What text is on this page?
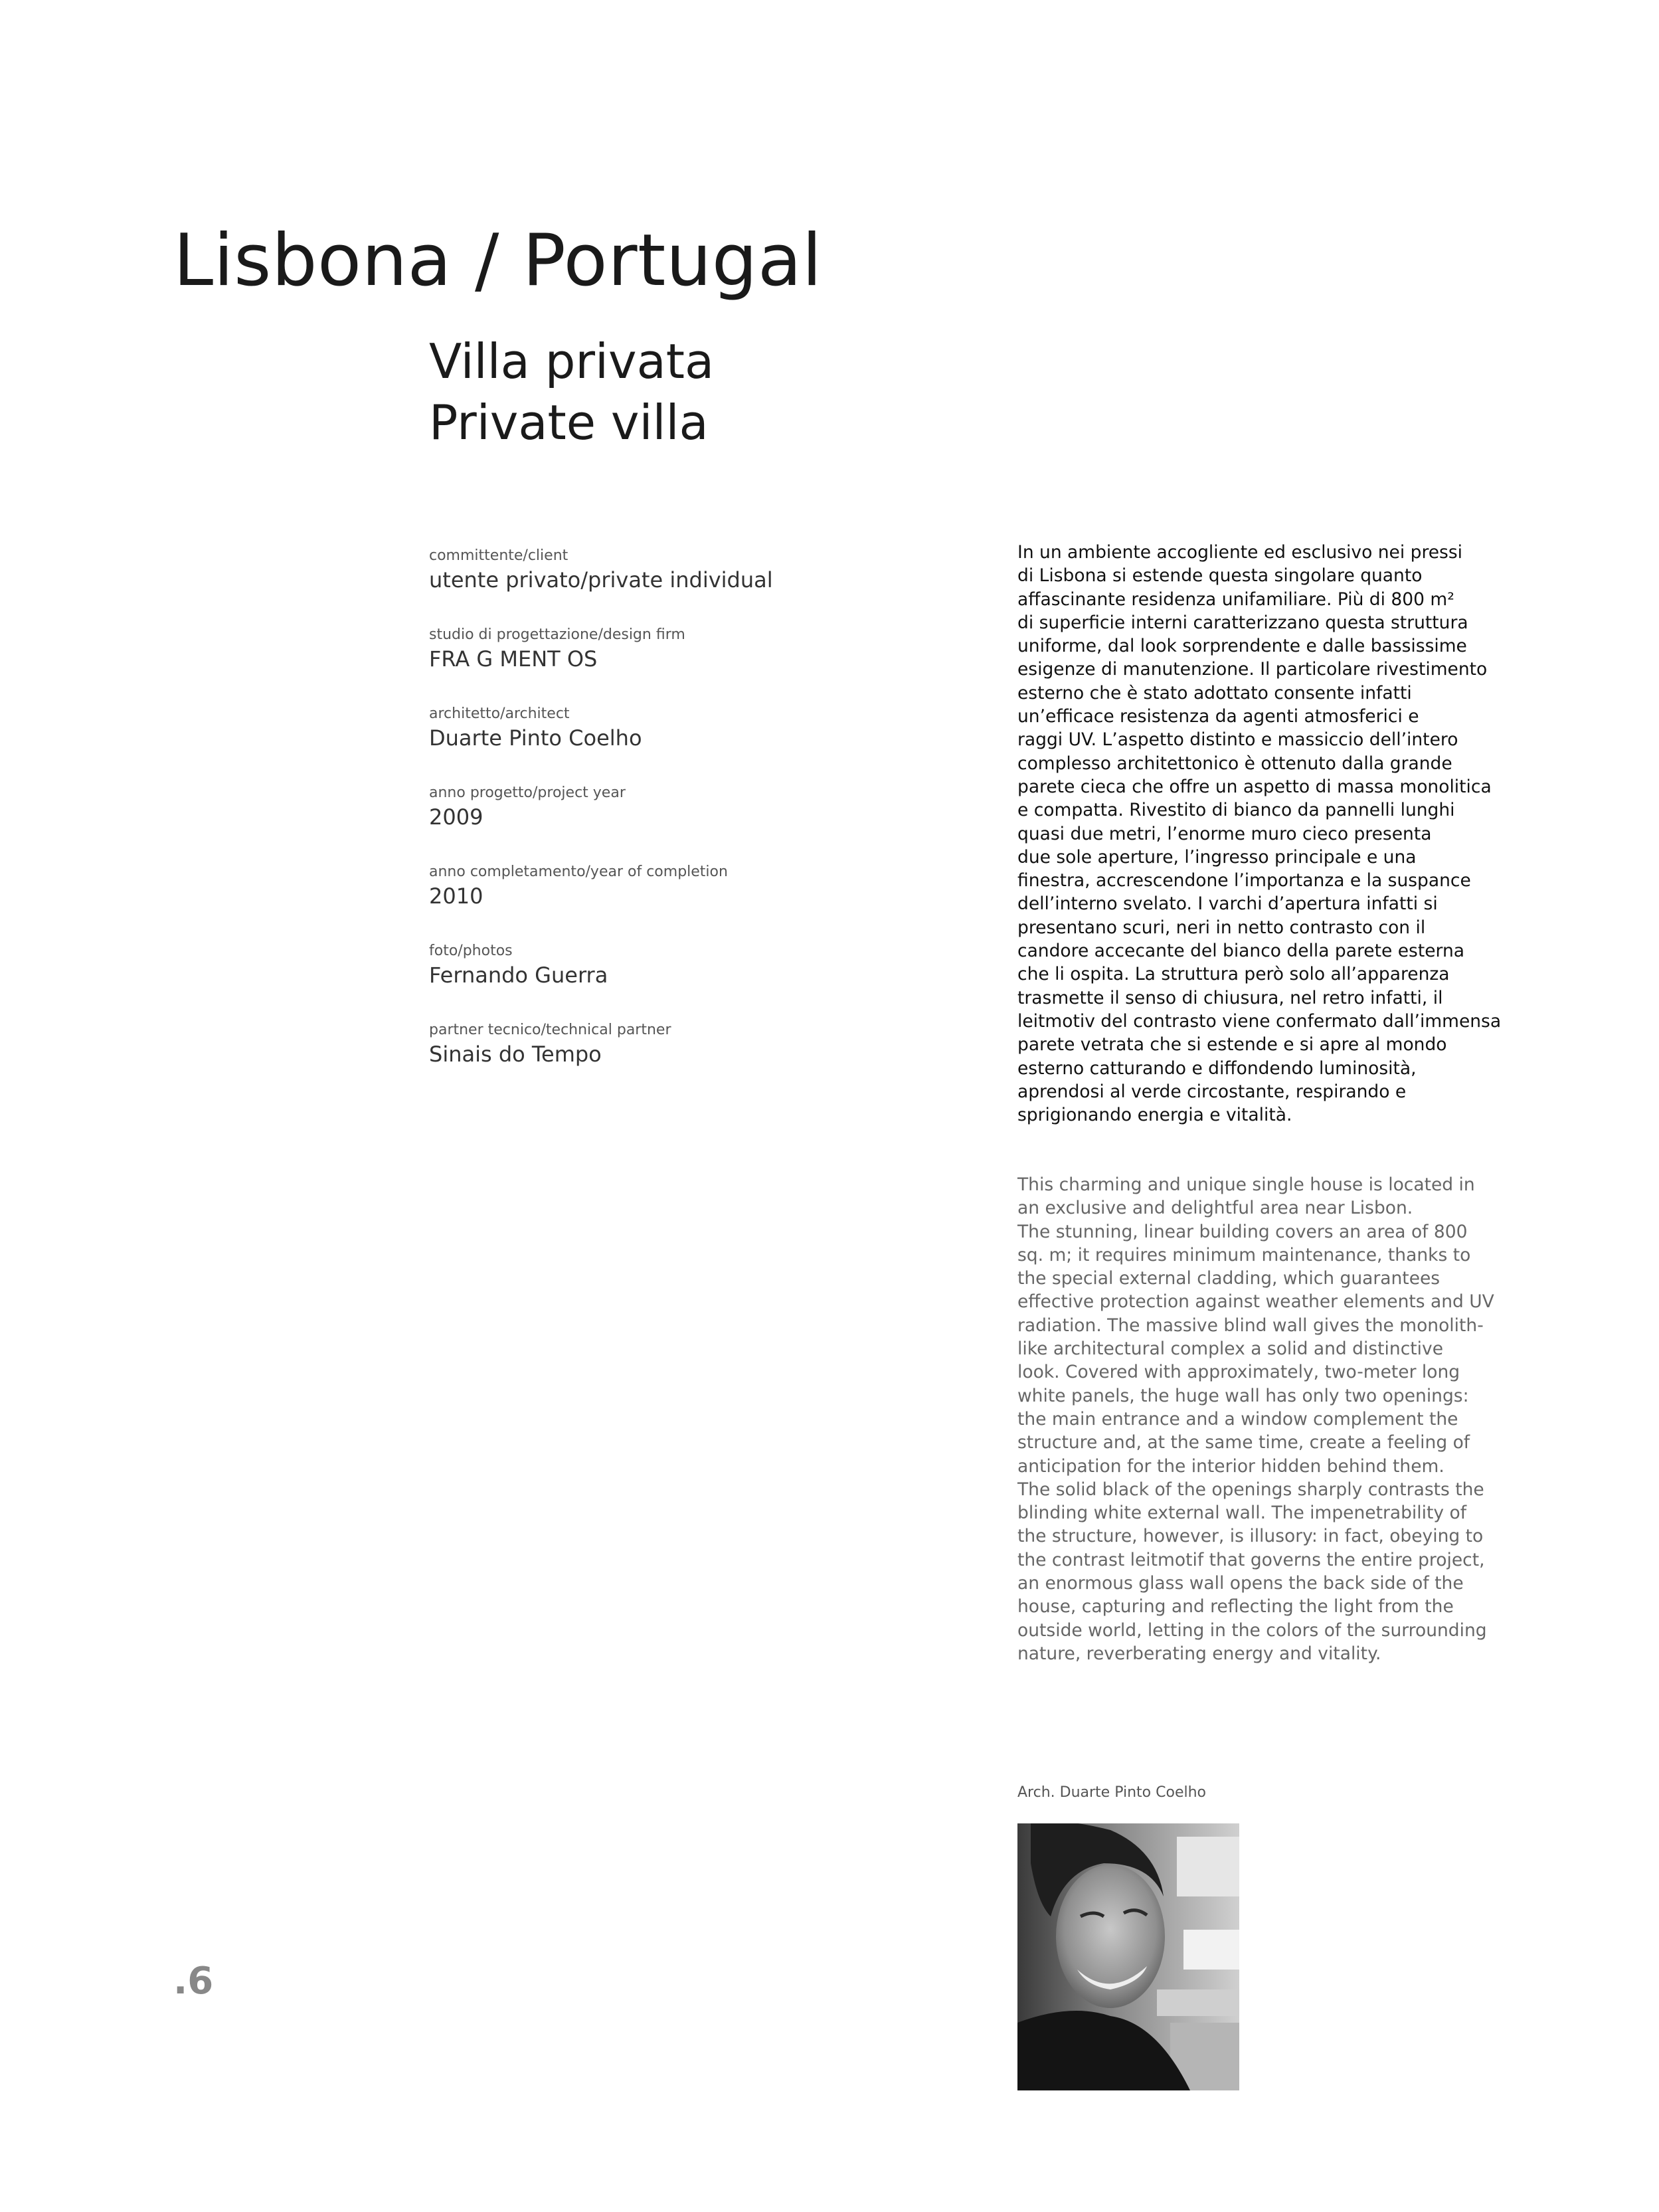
Lisbona / Portugal
Villa privata
Private villa
committente/client
utente privato/private individual
studio di progettazione/design firm
FRA G MENT OS
architetto/architect
Duarte Pinto Coelho
anno progetto/project year
2009
anno completamento/year of completion
2010
foto/photos
Fernando Guerra
partner tecnico/technical partner
Sinais do Tempo
In un ambiente accogliente ed esclusivo nei pressi
di Lisbona si estende questa singolare quanto
affascinante residenza unifamiliare. Più di 800 m²
di superficie interni caratterizzano questa struttura
uniforme, dal look sorprendente e dalle bassissime
esigenze di manutenzione. Il particolare rivestimento
esterno che è stato adottato consente infatti
un’efficace resistenza da agenti atmosferici e
raggi UV. L’aspetto distinto e massiccio dell’intero
complesso architettonico è ottenuto dalla grande
parete cieca che offre un aspetto di massa monolitica
e compatta. Rivestito di bianco da pannelli lunghi
quasi due metri, l’enorme muro cieco presenta
due sole aperture, l’ingresso principale e una
finestra, accrescendone l’importanza e la suspance
dell’interno svelato. I varchi d’apertura infatti si
presentano scuri, neri in netto contrasto con il
candore accecante del bianco della parete esterna
che li ospita. La struttura però solo all’apparenza
trasmette il senso di chiusura, nel retro infatti, il
leitmotiv del contrasto viene confermato dall’immensa
parete vetrata che si estende e si apre al mondo
esterno catturando e diffondendo luminosità,
aprendosi al verde circostante, respirando e
sprigionando energia e vitalità.
This charming and unique single house is located in
an exclusive and delightful area near Lisbon.
The stunning, linear building covers an area of 800
sq. m; it requires minimum maintenance, thanks to
the special external cladding, which guarantees
effective protection against weather elements and UV
radiation. The massive blind wall gives the monolith-
like architectural complex a solid and distinctive
look. Covered with approximately, two-meter long
white panels, the huge wall has only two openings:
the main entrance and a window complement the
structure and, at the same time, create a feeling of
anticipation for the interior hidden behind them.
The solid black of the openings sharply contrasts the
blinding white external wall. The impenetrability of
the structure, however, is illusory: in fact, obeying to
the contrast leitmotif that governs the entire project,
an enormous glass wall opens the back side of the
house, capturing and reflecting the light from the
outside world, letting in the colors of the surrounding
nature, reverberating energy and vitality.
Arch. Duarte Pinto Coelho
.6
